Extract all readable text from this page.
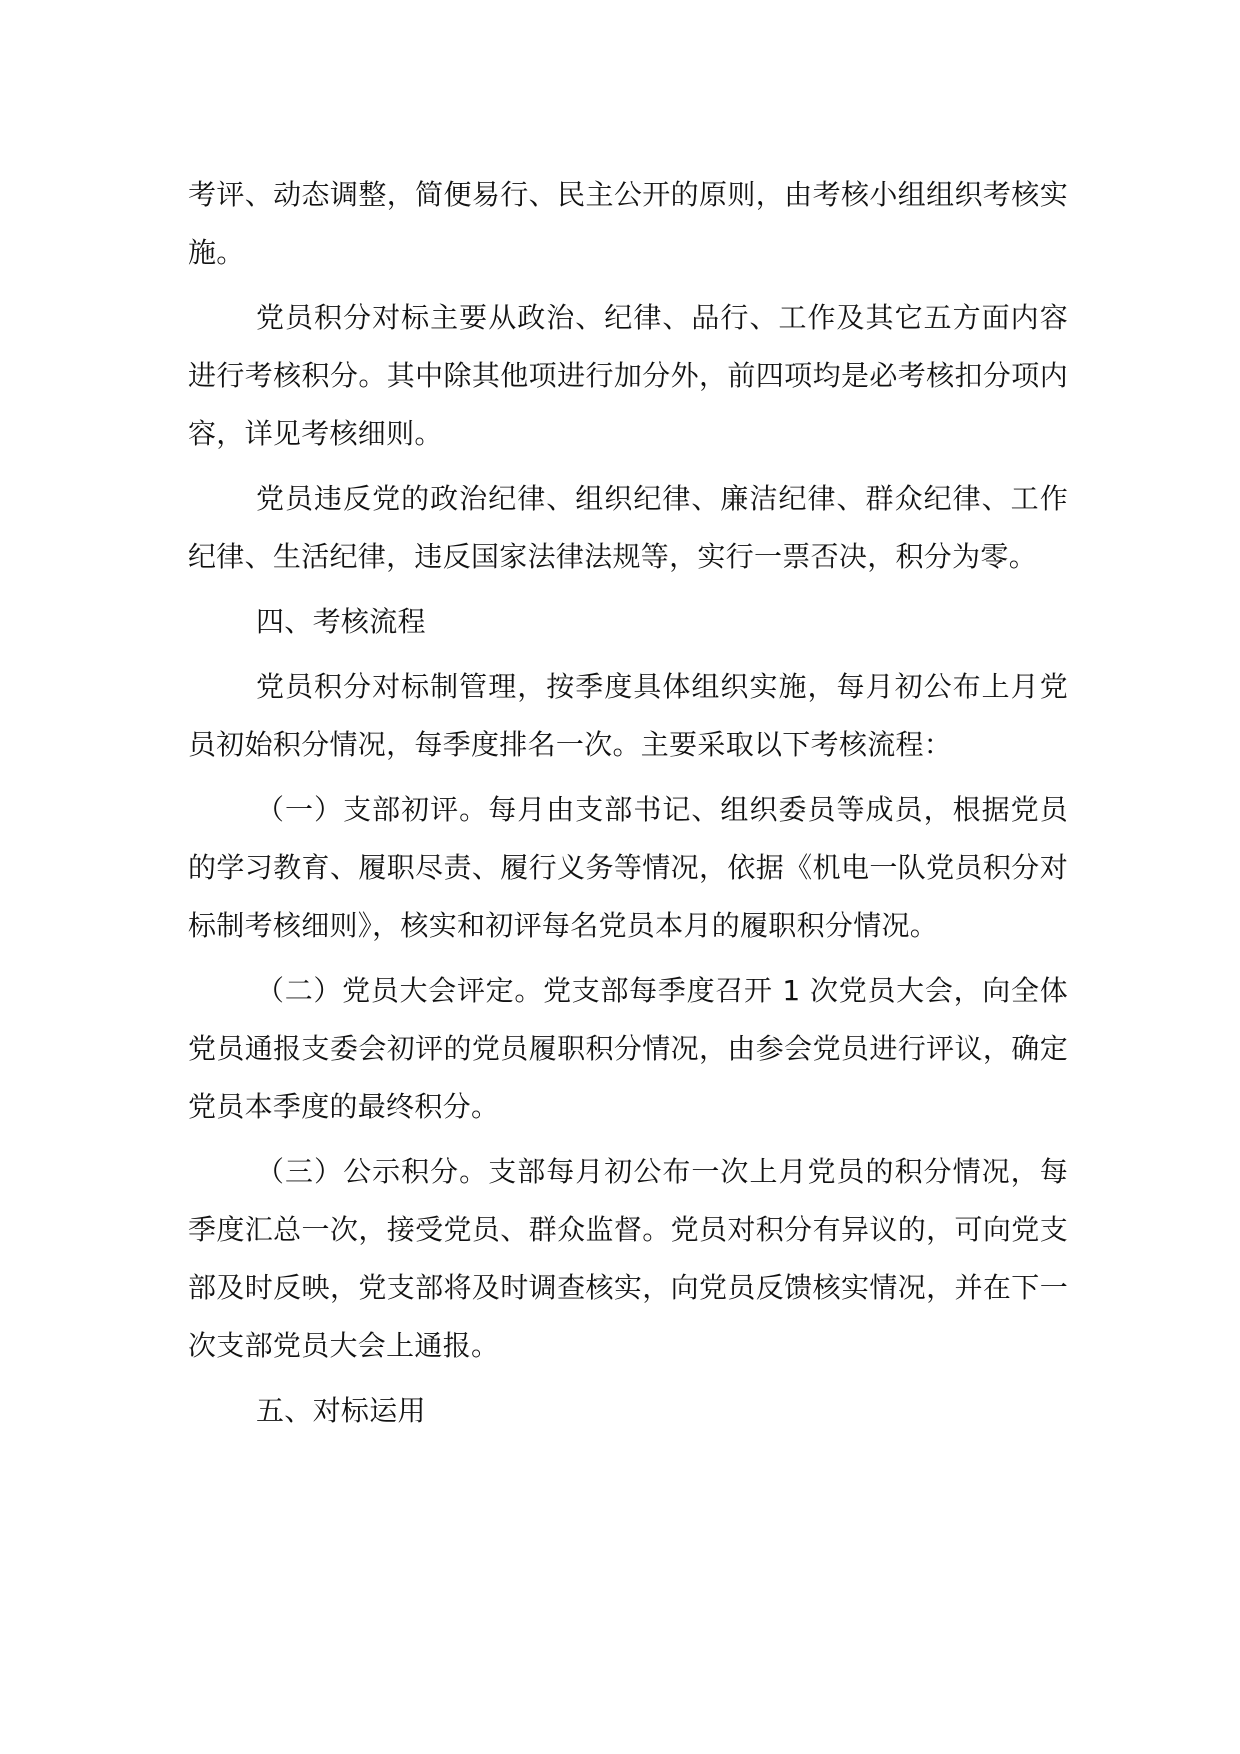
考评、动态调整，简便易行、民主公开的原则，由考核小组组织考核实施。

党员积分对标主要从政治、纪律、品行、工作及其它五方面内容进行考核积分。其中除其他项进行加分外，前四项均是必考核扣分项内容，详见考核细则。

党员违反党的政治纪律、组织纪律、廉洁纪律、群众纪律、工作纪律、生活纪律，违反国家法律法规等，实行一票否决，积分为零。

四、考核流程

党员积分对标制管理，按季度具体组织实施，每月初公布上月党员初始积分情况，每季度排名一次。主要采取以下考核流程：

（一）支部初评。每月由支部书记、组织委员等成员，根据党员的学习教育、履职尽责、履行义务等情况，依据《机电一队党员积分对标制考核细则》，核实和初评每名党员本月的履职积分情况。

（二）党员大会评定。党支部每季度召开 1 次党员大会，向全体党员通报支委会初评的党员履职积分情况，由参会党员进行评议，确定党员本季度的最终积分。

（三）公示积分。支部每月初公布一次上月党员的积分情况，每季度汇总一次，接受党员、群众监督。党员对积分有异议的，可向党支部及时反映，党支部将及时调查核实，向党员反馈核实情况，并在下一次支部党员大会上通报。

五、对标运用
